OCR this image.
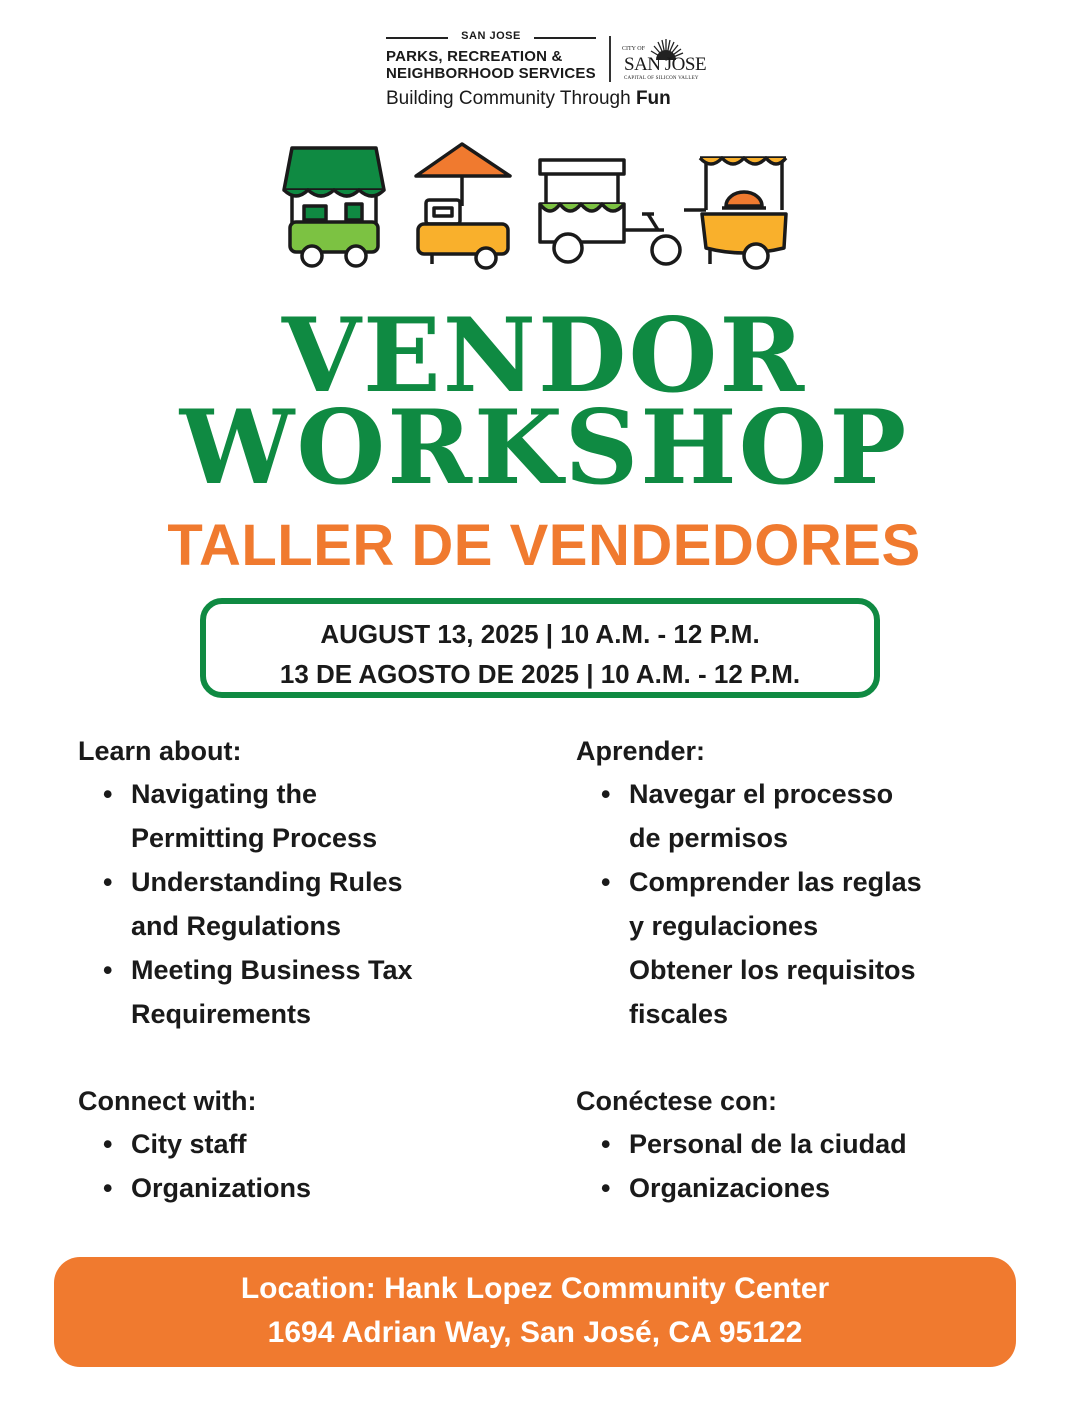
SAN JOSE
PARKS, RECREATION &
NEIGHBORHOOD SERVICES
CITY OF
SAN JOSE
CAPITAL OF SILICON VALLEY
Building Community Through Fun
VENDOR
WORKSHOP
TALLER DE VENDEDORES
AUGUST 13, 2025 | 10 A.M. - 12 P.M.
13 DE AGOSTO DE 2025 | 10 A.M. - 12 P.M.
Learn about:
• Navigating the
Permitting Process
• Understanding Rules
and Regulations
• Meeting Business Tax
Requirements
Connect with:
• City staff
• Organizations
Aprender:
• Navegar el processo
de permisos
• Comprender las reglas
y regulaciones
Obtener los requisitos
fiscales
Conéctese con:
• Personal de la ciudad
• Organizaciones
Location: Hank Lopez Community Center
1694 Adrian Way, San José, CA 95122
